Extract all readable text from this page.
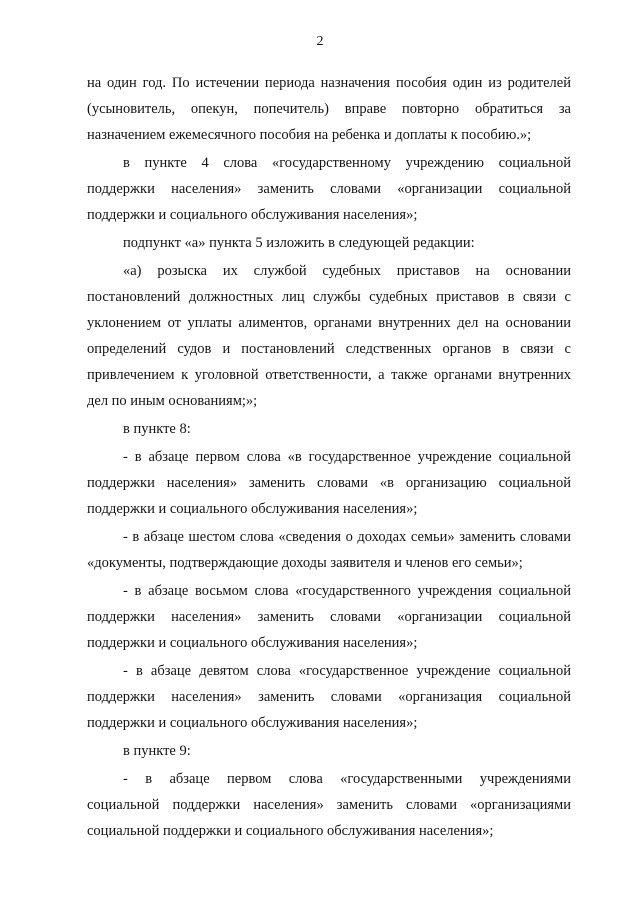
2
на один год. По истечении периода назначения пособия один из родителей
(усыновитель, опекун, попечитель) вправе повторно обратиться за
назначением ежемесячного пособия на ребенка и доплаты к пособию.»;
в пункте 4 слова «государственному учреждению социальной
поддержки населения» заменить словами «организации социальной
поддержки и социального обслуживания населения»;
подпункт «а» пункта 5 изложить в следующей редакции:
«а) розыска их службой судебных приставов на основании
постановлений должностных лиц службы судебных приставов в связи с
уклонением от уплаты алиментов, органами внутренних дел на основании
определений судов и постановлений следственных органов в связи с
привлечением к уголовной ответственности, а также органами внутренних
дел по иным основаниям;»;
в пункте 8:
- в абзаце первом слова «в государственное учреждение социальной
поддержки населения» заменить словами «в организацию социальной
поддержки и социального обслуживания населения»;
- в абзаце шестом слова «сведения о доходах семьи» заменить словами
«документы, подтверждающие доходы заявителя и членов его семьи»;
- в абзаце восьмом слова «государственного учреждения социальной
поддержки населения» заменить словами «организации социальной
поддержки и социального обслуживания населения»;
- в абзаце девятом слова «государственное учреждение социальной
поддержки населения» заменить словами «организация социальной
поддержки и социального обслуживания населения»;
в пункте 9:
- в абзаце первом слова «государственными учреждениями
социальной поддержки населения» заменить словами «организациями
социальной поддержки и социального обслуживания населения»;
